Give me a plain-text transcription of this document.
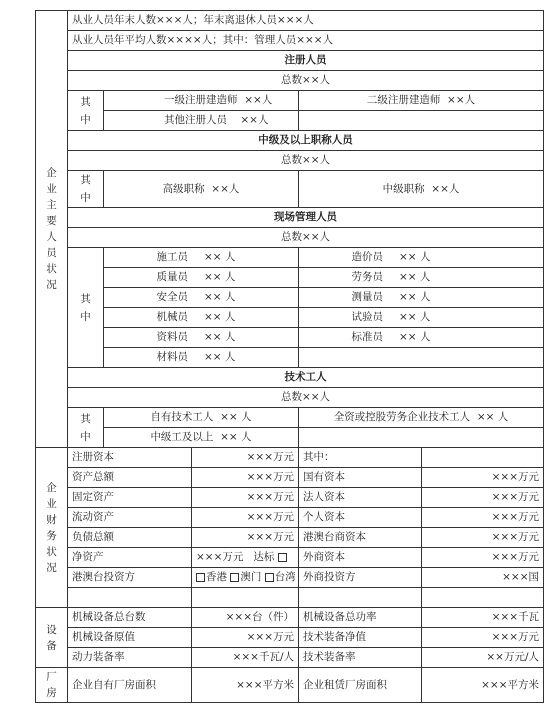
企业主要人员状况	从业人员年末人数×××人；年末离退休人员×××人				
	从业人员年平均人数××××人；其中：管理人员×××人				
	注册人员				
	总数××人				
	其中	一级注册建造师 ××人		二级注册建造师 ××人	
		其他注册人员 ××人			
	中级及以上职称人员				
	总数××人				
	其中	高级职称 ××人		中级职称 ××人	
	现场管理人员				
	总数××人				
	其中	施工员 ×× 人		造价员 ×× 人	
		质量员 ×× 人		劳务员 ×× 人	
		安全员 ×× 人		测量员 ×× 人	
		机械员 ×× 人		试验员 ×× 人	
		资料员 ×× 人		标准员 ×× 人	
		材料员 ×× 人			
	技术工人				
	总数××人				
	其中	自有技术工人 ×× 人		全资或控股劳务企业技术工人 ×× 人	
		中级工及以上 ×× 人			
企业财务状况	注册资本		×××万元	其中：	
	资产总额		×××万元	国有资本	×××万元
	固定资产		×××万元	法人资本	×××万元
	流动资产		×××万元	个人资本	×××万元
	负债总额		×××万元	港澳台商资本	×××万元
	净资产		×××万元 达标	外商资本	×××万元
	港澳台投资方		香港 澳门 台湾	外商投资方	×××国

设备	机械设备总台数		×××台（件）	机械设备总功率	×××千瓦
	机械设备原值		×××万元	技术装备净值	×××万元
	动力装备率		×××千瓦/人	技术装备率	××万元/人
厂房	企业自有厂房面积		×××平方米	企业租赁厂房面积	×××平方米
